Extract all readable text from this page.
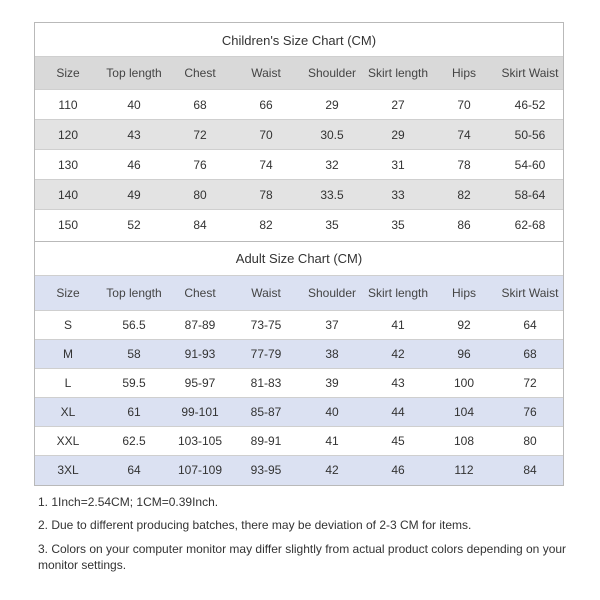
Children's Size Chart (CM)
Size	Top length	Chest	Waist	Shoulder	Skirt length	Hips	Skirt Waist
110	40	68	66	29	27	70	46-52
120	43	72	70	30.5	29	74	50-56
130	46	76	74	32	31	78	54-60
140	49	80	78	33.5	33	82	58-64
150	52	84	82	35	35	86	62-68
Adult Size Chart (CM)
Size	Top length	Chest	Waist	Shoulder	Skirt length	Hips	Skirt Waist
S	56.5	87-89	73-75	37	41	92	64
M	58	91-93	77-79	38	42	96	68
L	59.5	95-97	81-83	39	43	100	72
XL	61	99-101	85-87	40	44	104	76
XXL	62.5	103-105	89-91	41	45	108	80
3XL	64	107-109	93-95	42	46	112	84
1. 1Inch=2.54CM; 1CM=0.39Inch.
2. Due to different producing batches, there may be deviation of 2-3 CM for items.
3. Colors on your computer monitor may differ slightly from actual product colors depending on your monitor settings.
